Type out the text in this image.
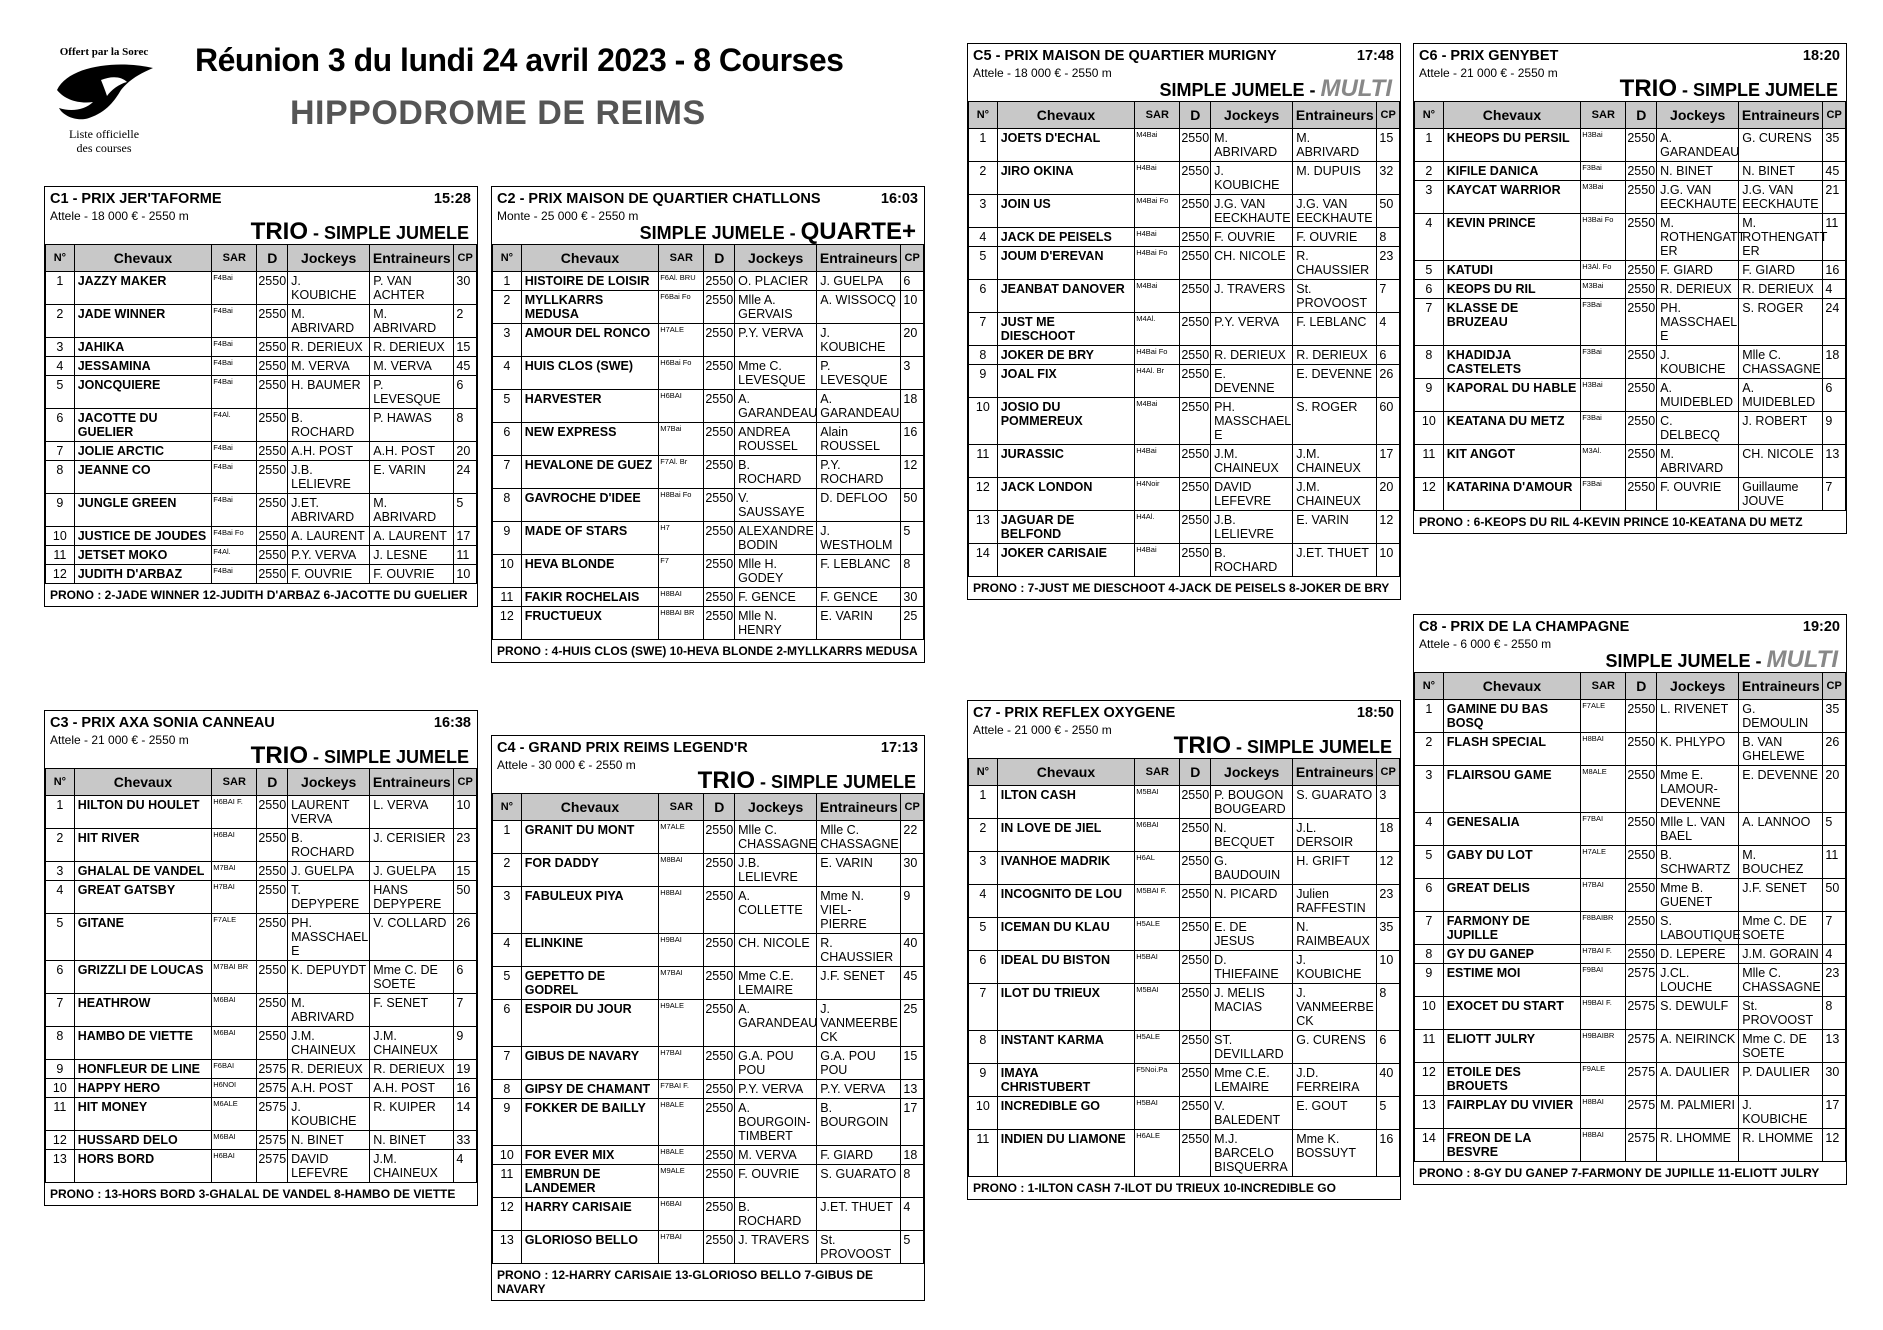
Offert par la Sorec
Liste officielle
des courses
Réunion 3 du lundi 24 avril 2023 - 8 Courses
HIPPODROME DE REIMS
C1 - PRIX JER'TAFORME	15:28
Attele - 18 000 € - 2550 m
TRIO - SIMPLE JUMELE
N°	Chevaux	SAR	D	Jockeys	Entraineurs	CP
1	JAZZY MAKER	F4Bai	2550	J. KOUBICHE	P. VAN ACHTER	30
2	JADE WINNER	F4Bai	2550	M. ABRIVARD	M. ABRIVARD	2
3	JAHIKA	F4Bai	2550	R. DERIEUX	R. DERIEUX	15
4	JESSAMINA	F4Bai	2550	M. VERVA	M. VERVA	45
5	JONCQUIERE	F4Bai	2550	H. BAUMER	P. LEVESQUE	6
6	JACOTTE DU GUELIER	F4Al.	2550	B. ROCHARD	P. HAWAS	8
7	JOLIE ARCTIC	F4Bai	2550	A.H. POST	A.H. POST	20
8	JEANNE CO	F4Bai	2550	J.B. LELIEVRE	E. VARIN	24
9	JUNGLE GREEN	F4Bai	2550	J.ET. ABRIVARD	M. ABRIVARD	5
10	JUSTICE DE JOUDES	F4Bai Fo	2550	A. LAURENT	A. LAURENT	17
11	JETSET MOKO	F4Al.	2550	P.Y. VERVA	J. LESNE	11
12	JUDITH D'ARBAZ	F4Bai	2550	F. OUVRIE	F. OUVRIE	10
PRONO : 2-JADE WINNER 12-JUDITH D'ARBAZ 6-JACOTTE DU GUELIER
C2 - PRIX MAISON DE QUARTIER CHATLLONS	16:03
Monte - 25 000 € - 2550 m
SIMPLE JUMELE - QUARTE+
N°	Chevaux	SAR	D	Jockeys	Entraineurs	CP
1	HISTOIRE DE LOISIR	F6Al. BRU	2550	O. PLACIER	J. GUELPA	6
2	MYLLKARRS MEDUSA	F6Bai Fo	2550	Mlle A. GERVAIS	A. WISSOCQ	10
3	AMOUR DEL RONCO	H7ALE	2550	P.Y. VERVA	J. KOUBICHE	20
4	HUIS CLOS (SWE)	H6Bai Fo	2550	Mme C. LEVESQUE	P. LEVESQUE	3
5	HARVESTER	H6BAI	2550	A. GARANDEAU	A. GARANDEAU	18
6	NEW EXPRESS	M7Bai	2550	ANDREA ROUSSEL	Alain ROUSSEL	16
7	HEVALONE DE GUEZ	F7Al. Br	2550	B. ROCHARD	P.Y. ROCHARD	12
8	GAVROCHE D'IDEE	H8Bai Fo	2550	V. SAUSSAYE	D. DEFLOO	50
9	MADE OF STARS	H7	2550	ALEXANDRE BODIN	J. WESTHOLM	5
10	HEVA BLONDE	F7	2550	Mlle H. GODEY	F. LEBLANC	8
11	FAKIR ROCHELAIS	H8BAI	2550	F. GENCE	F. GENCE	30
12	FRUCTUEUX	H8BAI BR	2550	Mlle N. HENRY	E. VARIN	25
PRONO : 4-HUIS CLOS (SWE) 10-HEVA BLONDE 2-MYLLKARRS MEDUSA
C3 - PRIX AXA SONIA CANNEAU	16:38
Attele - 21 000 € - 2550 m
TRIO - SIMPLE JUMELE
N°	Chevaux	SAR	D	Jockeys	Entraineurs	CP
1	HILTON DU HOULET	H6BAI F.	2550	LAURENT VERVA	L. VERVA	10
2	HIT RIVER	H6BAI	2550	B. ROCHARD	J. CERISIER	23
3	GHALAL DE VANDEL	M7BAI	2550	J. GUELPA	J. GUELPA	15
4	GREAT GATSBY	H7BAI	2550	T. DEPYPERE	HANS DEPYPERE	50
5	GITANE	F7ALE	2550	PH. MASSCHAEL E	V. COLLARD	26
6	GRIZZLI DE LOUCAS	M7BAI BR	2550	K. DEPUYDT	Mme C. DE SOETE	6
7	HEATHROW	M6BAI	2550	M. ABRIVARD	F. SENET	7
8	HAMBO DE VIETTE	M6BAI	2550	J.M. CHAINEUX	J.M. CHAINEUX	9
9	HONFLEUR DE LINE	F6BAI	2575	R. DERIEUX	R. DERIEUX	19
10	HAPPY HERO	H6NOI	2575	A.H. POST	A.H. POST	16
11	HIT MONEY	M6ALE	2575	J. KOUBICHE	R. KUIPER	14
12	HUSSARD DELO	M6BAI	2575	N. BINET	N. BINET	33
13	HORS BORD	H6BAI	2575	DAVID LEFEVRE	J.M. CHAINEUX	4
PRONO : 13-HORS BORD 3-GHALAL DE VANDEL 8-HAMBO DE VIETTE
C4 - GRAND PRIX REIMS LEGEND'R	17:13
Attele - 30 000 € - 2550 m
TRIO - SIMPLE JUMELE
N°	Chevaux	SAR	D	Jockeys	Entraineurs	CP
1	GRANIT DU MONT	M7ALE	2550	Mlle C. CHASSAGNE	Mlle C. CHASSAGNE	22
2	FOR DADDY	M8BAI	2550	J.B. LELIEVRE	E. VARIN	30
3	FABULEUX PIYA	H8BAI	2550	A. COLLETTE	Mme N. VIEL-PIERRE	9
4	ELINKINE	H9BAI	2550	CH. NICOLE	R. CHAUSSIER	40
5	GEPETTO DE GODREL	M7BAI	2550	Mme C.E. LEMAIRE	J.F. SENET	45
6	ESPOIR DU JOUR	H9ALE	2550	A. GARANDEAU	J. VANMEERBE CK	25
7	GIBUS DE NAVARY	H7BAI	2550	G.A. POU POU	G.A. POU POU	15
8	GIPSY DE CHAMANT	F7BAI F.	2550	P.Y. VERVA	P.Y. VERVA	13
9	FOKKER DE BAILLY	H8ALE	2550	A. BOURGOIN-TIMBERT	B. BOURGOIN	17
10	FOR EVER MIX	H8ALE	2550	M. VERVA	F. GIARD	18
11	EMBRUN DE LANDEMER	M9ALE	2550	F. OUVRIE	S. GUARATO	8
12	HARRY CARISAIE	H6BAI	2550	B. ROCHARD	J.ET. THUET	4
13	GLORIOSO BELLO	H7BAI	2550	J. TRAVERS	St. PROVOOST	5
PRONO : 12-HARRY CARISAIE 13-GLORIOSO BELLO 7-GIBUS DE NAVARY
C5 - PRIX MAISON DE QUARTIER MURIGNY	17:48
Attele - 18 000 € - 2550 m
SIMPLE JUMELE - MULTI
N°	Chevaux	SAR	D	Jockeys	Entraineurs	CP
1	JOETS D'ECHAL	M4Bai	2550	M. ABRIVARD	M. ABRIVARD	15
2	JIRO OKINA	H4Bai	2550	J. KOUBICHE	M. DUPUIS	32
3	JOIN US	M4Bai Fo	2550	J.G. VAN EECKHAUTE	J.G. VAN EECKHAUTE	50
4	JACK DE PEISELS	H4Bai	2550	F. OUVRIE	F. OUVRIE	8
5	JOUM D'EREVAN	H4Bai Fo	2550	CH. NICOLE	R. CHAUSSIER	23
6	JEANBAT DANOVER	M4Bai	2550	J. TRAVERS	St. PROVOOST	7
7	JUST ME DIESCHOOT	M4Al.	2550	P.Y. VERVA	F. LEBLANC	4
8	JOKER DE BRY	H4Bai Fo	2550	R. DERIEUX	R. DERIEUX	6
9	JOAL FIX	H4Al. Br	2550	E. DEVENNE	E. DEVENNE	26
10	JOSIO DU POMMEREUX	M4Bai	2550	PH. MASSCHAEL E	S. ROGER	60
11	JURASSIC	H4Bai	2550	J.M. CHAINEUX	J.M. CHAINEUX	17
12	JACK LONDON	H4Noir	2550	DAVID LEFEVRE	J.M. CHAINEUX	20
13	JAGUAR DE BELFOND	H4Al.	2550	J.B. LELIEVRE	E. VARIN	12
14	JOKER CARISAIE	H4Bai	2550	B. ROCHARD	J.ET. THUET	10
PRONO : 7-JUST ME DIESCHOOT 4-JACK DE PEISELS 8-JOKER DE BRY
C6 - PRIX GENYBET	18:20
Attele - 21 000 € - 2550 m
TRIO - SIMPLE JUMELE
N°	Chevaux	SAR	D	Jockeys	Entraineurs	CP
1	KHEOPS DU PERSIL	H3Bai	2550	A. GARANDEAU	G. CURENS	35
2	KIFILE DANICA	F3Bai	2550	N. BINET	N. BINET	45
3	KAYCAT WARRIOR	M3Bai	2550	J.G. VAN EECKHAUTE	J.G. VAN EECKHAUTE	21
4	KEVIN PRINCE	H3Bai Fo	2550	M. ROTHENGATT ER	M. ROTHENGATT ER	11
5	KATUDI	H3Al. Fo	2550	F. GIARD	F. GIARD	16
6	KEOPS DU RIL	M3Bai	2550	R. DERIEUX	R. DERIEUX	4
7	KLASSE DE BRUZEAU	F3Bai	2550	PH. MASSCHAEL E	S. ROGER	24
8	KHADIDJA CASTELETS	F3Bai	2550	J. KOUBICHE	Mlle C. CHASSAGNE	18
9	KAPORAL DU HABLE	H3Bai	2550	A. MUIDEBLED	A. MUIDEBLED	6
10	KEATANA DU METZ	F3Bai	2550	C. DELBECQ	J. ROBERT	9
11	KIT ANGOT	M3Al.	2550	M. ABRIVARD	CH. NICOLE	13
12	KATARINA D'AMOUR	F3Bai	2550	F. OUVRIE	Guillaume JOUVE	7
PRONO : 6-KEOPS DU RIL 4-KEVIN PRINCE 10-KEATANA DU METZ
C7 - PRIX REFLEX OXYGENE	18:50
Attele - 21 000 € - 2550 m
TRIO - SIMPLE JUMELE
N°	Chevaux	SAR	D	Jockeys	Entraineurs	CP
1	ILTON CASH	M5BAI	2550	P. BOUGON BOUGEARD	S. GUARATO	3
2	IN LOVE DE JIEL	M6BAI	2550	N. BECQUET	J.L. DERSOIR	18
3	IVANHOE MADRIK	H6AL	2550	G. BAUDOUIN	H. GRIFT	12
4	INCOGNITO DE LOU	M5BAI F.	2550	N. PICARD	Julien RAFFESTIN	23
5	ICEMAN DU KLAU	H5ALE	2550	E. DE JESUS	N. RAIMBEAUX	35
6	IDEAL DU BISTON	H5BAI	2550	D. THIEFAINE	J. KOUBICHE	10
7	ILOT DU TRIEUX	M5BAI	2550	J. MELIS MACIAS	J. VANMEERBE CK	8
8	INSTANT KARMA	H5ALE	2550	ST. DEVILLARD	G. CURENS	6
9	IMAYA CHRISTUBERT	F5Noi.Pa	2550	Mme C.E. LEMAIRE	J.D. FERREIRA	40
10	INCREDIBLE GO	H5BAI	2550	V. BALEDENT	E. GOUT	5
11	INDIEN DU LIAMONE	H6ALE	2550	M.J. BARCELO BISQUERRA	Mme K. BOSSUYT	16
PRONO : 1-ILTON CASH 7-ILOT DU TRIEUX 10-INCREDIBLE GO
C8 - PRIX DE LA CHAMPAGNE	19:20
Attele - 6 000 € - 2550 m
SIMPLE JUMELE - MULTI
N°	Chevaux	SAR	D	Jockeys	Entraineurs	CP
1	GAMINE DU BAS BOSQ	F7ALE	2550	L. RIVENET	G. DEMOULIN	35
2	FLASH SPECIAL	H8BAI	2550	K. PHLYPO	B. VAN GHELEWE	26
3	FLAIRSOU GAME	M8ALE	2550	Mme E. LAMOUR-DEVENNE	E. DEVENNE	20
4	GENESALIA	F7BAI	2550	Mlle L. VAN BAEL	A. LANNOO	5
5	GABY DU LOT	H7ALE	2550	B. SCHWARTZ	M. BOUCHEZ	11
6	GREAT DELIS	H7BAI	2550	Mme B. GUENET	J.F. SENET	50
7	FARMONY DE JUPILLE	F8BAIBR	2550	S. LABOUTIQUE	Mme C. DE SOETE	7
8	GY DU GANEP	H7BAI F.	2550	D. LEPERE	J.M. GORAIN	4
9	ESTIME MOI	F9BAI	2575	J.CL. LOUCHE	Mlle C. CHASSAGNE	23
10	EXOCET DU START	H9BAI F.	2575	S. DEWULF	St. PROVOOST	8
11	ELIOTT JULRY	H9BAIBR	2575	A. NEIRINCK	Mme C. DE SOETE	13
12	ETOILE DES BROUETS	F9ALE	2575	A. DAULIER	P. DAULIER	30
13	FAIRPLAY DU VIVIER	H8BAI	2575	M. PALMIERI	J. KOUBICHE	17
14	FREON DE LA BESVRE	H8BAI	2575	R. LHOMME	R. LHOMME	12
PRONO : 8-GY DU GANEP 7-FARMONY DE JUPILLE 11-ELIOTT JULRY
